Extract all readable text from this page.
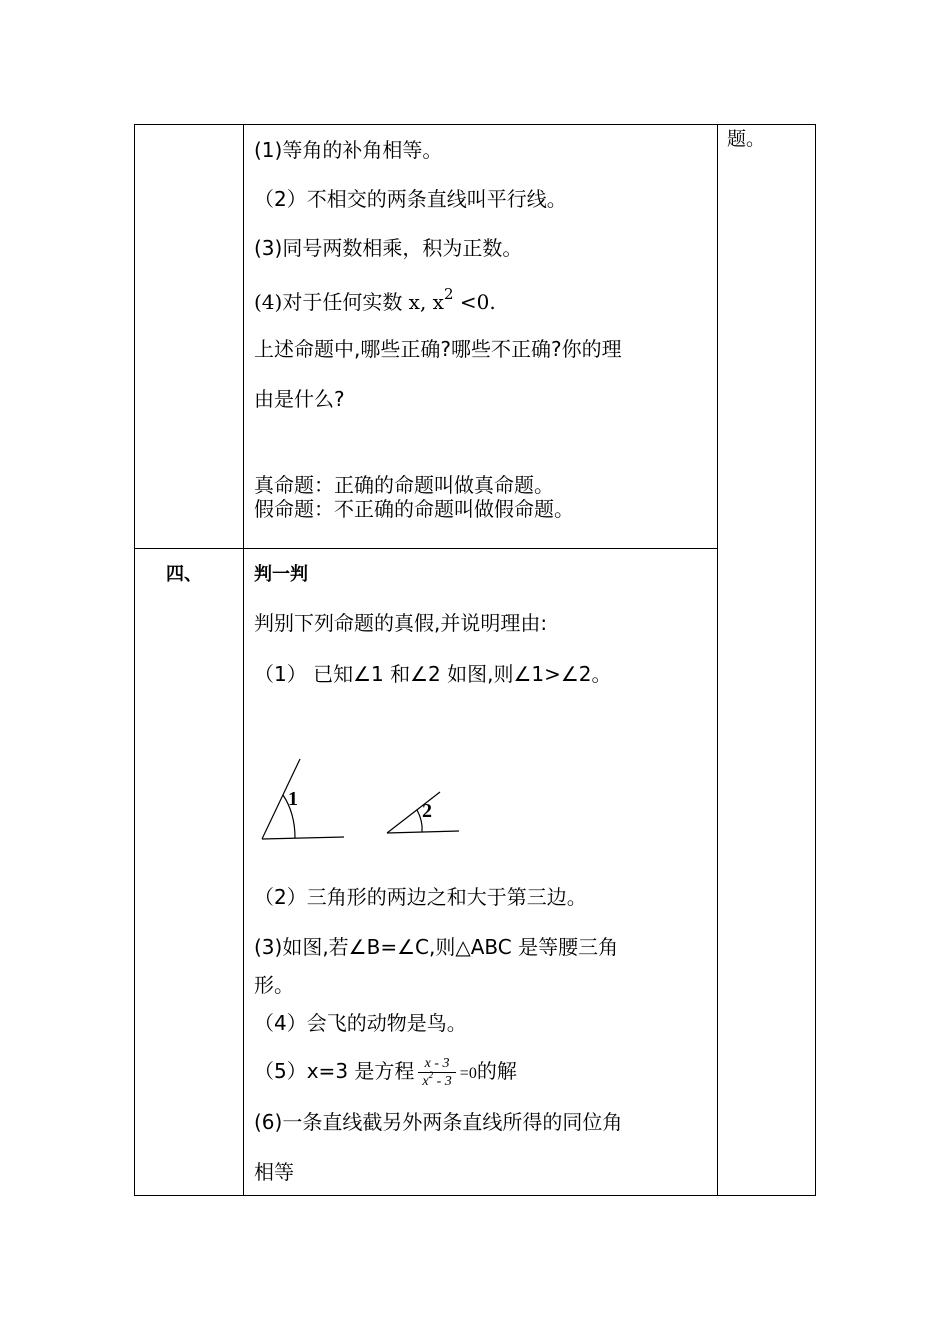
题。
(1)等角的补角相等。
（2）不相交的两条直线叫平行线。
(3)同号两数相乘，积为正数。
(4)对于任何实数 x, $x^2 <0$.
上述命题中,哪些正确?哪些不正确?你的理
由是什么?
真命题：正确的命题叫做真命题。
假命题：不正确的命题叫做假命题。
四、	判一判
判别下列命题的真假,并说明理由:
（1） 已知∠1 和∠2 如图,则∠1>∠2。
1
2
（2）三角形的两边之和大于第三边。
(3)如图,若∠B=∠C,则△ABC 是等腰三角
形。
（4）会飞的动物是鸟。
（5）x=3 是方程 $\frac{x - 3}{x^2 - 3} =0$的解
(6)一条直线截另外两条直线所得的同位角
相等
